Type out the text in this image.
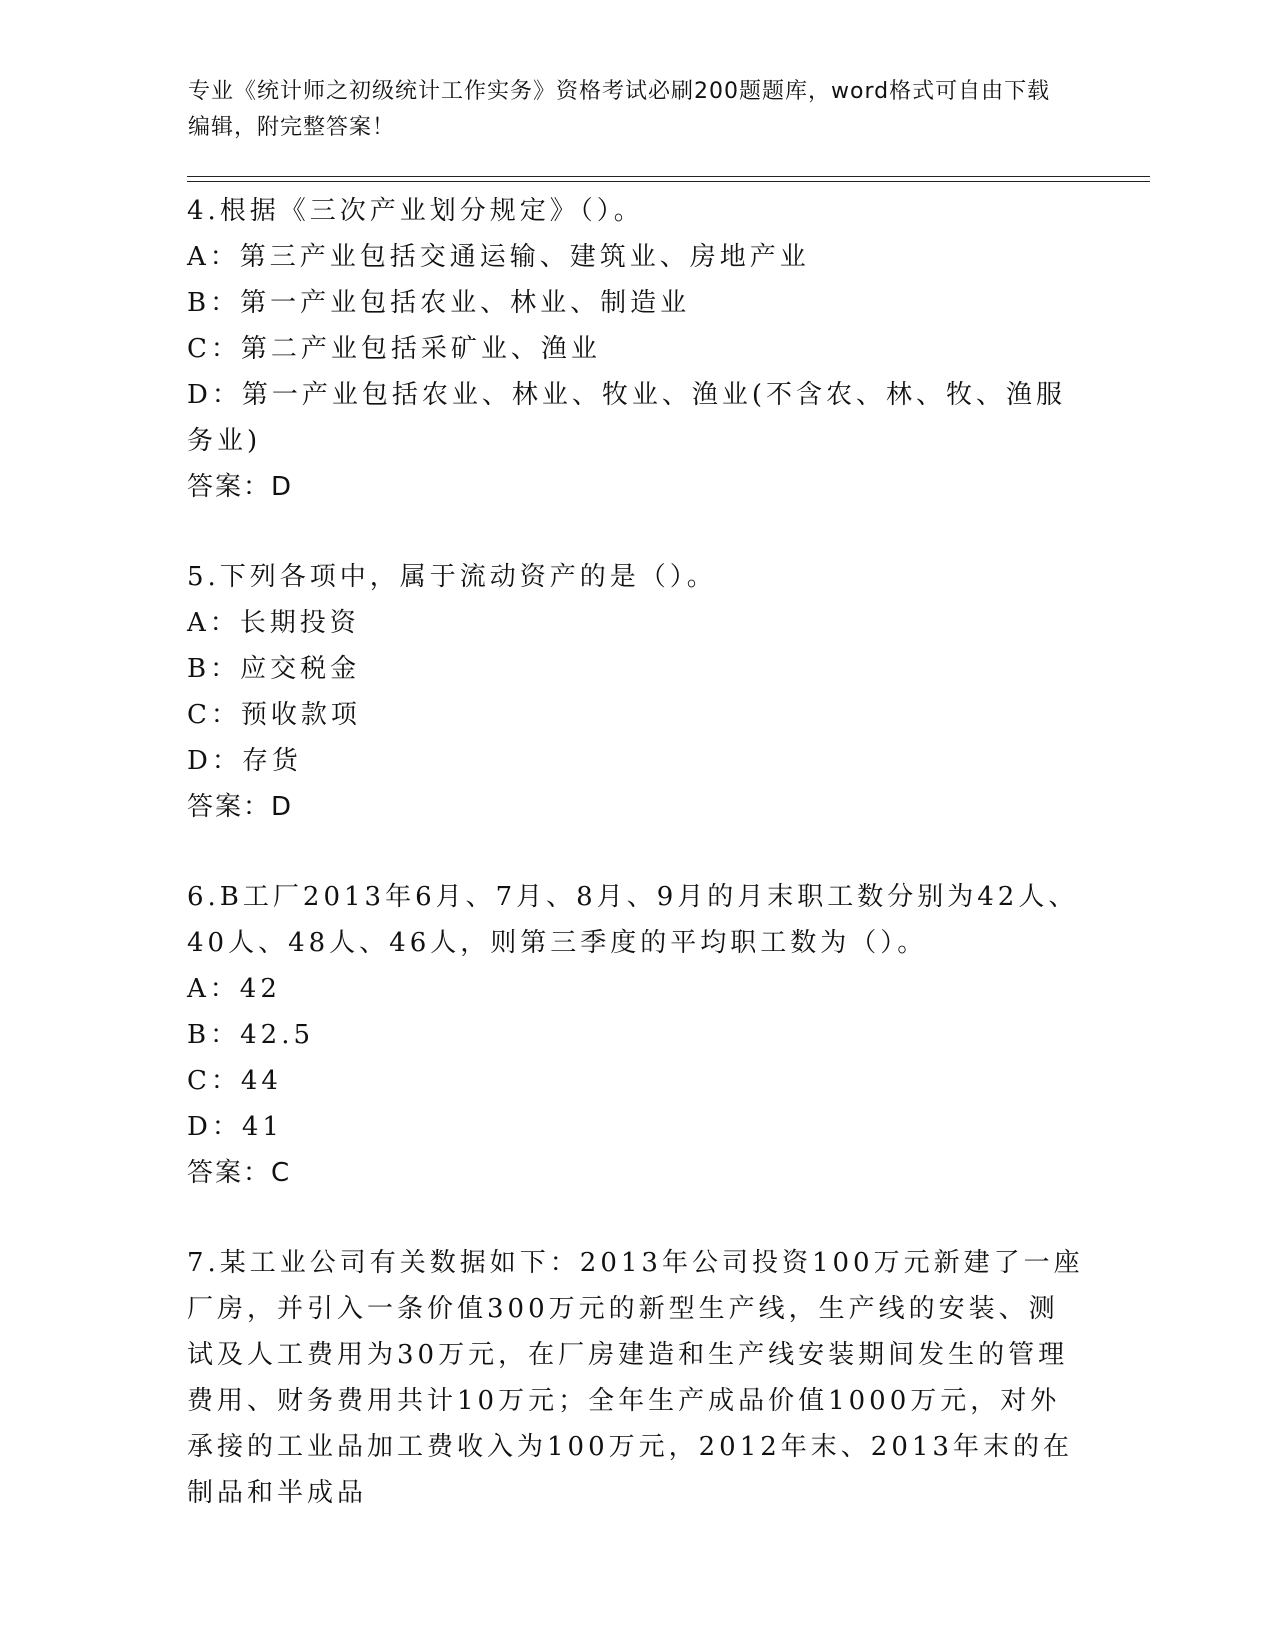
专业《统计师之初级统计工作实务》资格考试必刷200题题库，word格式可自由下载编辑，附完整答案！

4.根据《三次产业划分规定》（）。

A：第三产业包括交通运输、建筑业、房地产业

B：第一产业包括农业、林业、制造业

C：第二产业包括采矿业、渔业

D：第一产业包括农业、林业、牧业、渔业(不含农、林、牧、渔服务业)

答案：D

5.下列各项中，属于流动资产的是（）。

A：长期投资

B：应交税金

C：预收款项

D：存货

答案：D

6.B工厂2013年6月、7月、8月、9月的月末职工数分别为42人、40人、48人、46人，则第三季度的平均职工数为（）。

A：42

B：42.5

C：44

D：41

答案：C

7.某工业公司有关数据如下：2013年公司投资100万元新建了一座厂房，并引入一条价值300万元的新型生产线，生产线的安装、测试及人工费用为30万元，在厂房建造和生产线安装期间发生的管理费用、财务费用共计10万元；全年生产成品价值1000万元，对外承接的工业品加工费收入为100万元，2012年末、2013年末的在制品和半成品
